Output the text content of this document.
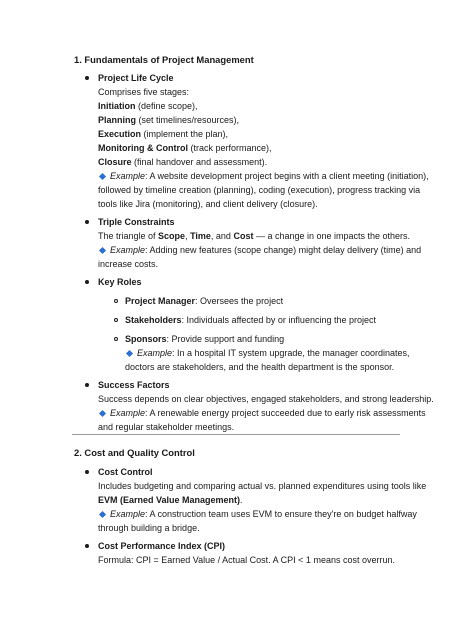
1. Fundamentals of Project Management
Project Life Cycle
Comprises five stages:
Initiation (define scope),
Planning (set timelines/resources),
Execution (implement the plan),
Monitoring & Control (track performance),
Closure (final handover and assessment).
Example: A website development project begins with a client meeting (initiation),
followed by timeline creation (planning), coding (execution), progress tracking via
tools like Jira (monitoring), and client delivery (closure).
Triple Constraints
The triangle of Scope, Time, and Cost — a change in one impacts the others.
Example: Adding new features (scope change) might delay delivery (time) and
increase costs.
Key Roles
Project Manager: Oversees the project
Stakeholders: Individuals affected by or influencing the project
Sponsors: Provide support and funding
Example: In a hospital IT system upgrade, the manager coordinates,
doctors are stakeholders, and the health department is the sponsor.
Success Factors
Success depends on clear objectives, engaged stakeholders, and strong leadership.
Example: A renewable energy project succeeded due to early risk assessments
and regular stakeholder meetings.
2. Cost and Quality Control
Cost Control
Includes budgeting and comparing actual vs. planned expenditures using tools like
EVM (Earned Value Management).
Example: A construction team uses EVM to ensure they're on budget halfway
through building a bridge.
Cost Performance Index (CPI)
Formula: CPI = Earned Value / Actual Cost. A CPI < 1 means cost overrun.
